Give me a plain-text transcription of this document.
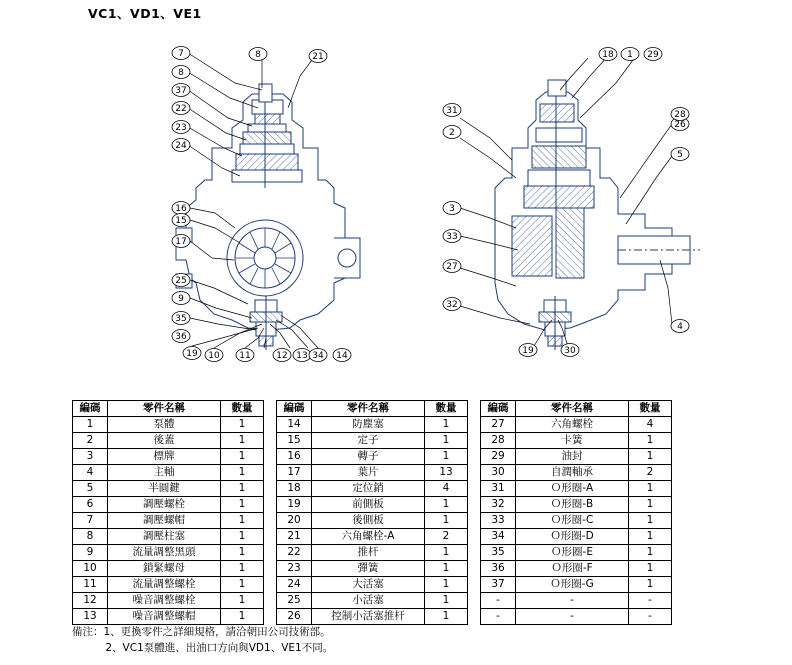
VC1、VD1、VE1
7
8
37
22
23
24
8	21
16
15
17
25
9
35
36
19 10 11	12 13 34 14
18 1 29
31
2
3
33
27
32
26
28
5
4
19	30
編碼	零件名稱	數量
1	泵體	1
2	後蓋	1
3	標牌	1
4	主軸	1
5	半圓鍵	1
6	調壓螺栓	1
7	調壓螺帽	1
8	調壓柱塞	1
9	流量調整黑頭	1
10	鎖緊螺母	1
11	流量調整螺栓	1
12	噪音調整螺栓	1
13	噪音調整螺帽	1
編碼	零件名稱	數量
14	防塵塞	1
15	定子	1
16	轉子	1
17	葉片	13
18	定位銷	4
19	前側板	1
20	後側板	1
21	六角螺栓-A	2
22	推杆	1
23	彈簧	1
24	大活塞	1
25	小活塞	1
26	控制小活塞推杆	1
編碼	零件名稱	數量
27	六角螺栓	4
28	卡簧	1
29	油封	1
30	自潤軸承	2
31	Ｏ形圈-A	1
32	Ｏ形圈-B	1
33	Ｏ形圈-C	1
34	Ｏ形圈-D	1
35	Ｏ形圈-E	1
36	Ｏ形圈-F	1
37	Ｏ形圈-G	1
-	-	-
-	-	-
備注：1、更換零件之詳細規格，請洽朝田公司技術部。
2、VC1泵體進、出油口方向與VD1、VE1不同。
